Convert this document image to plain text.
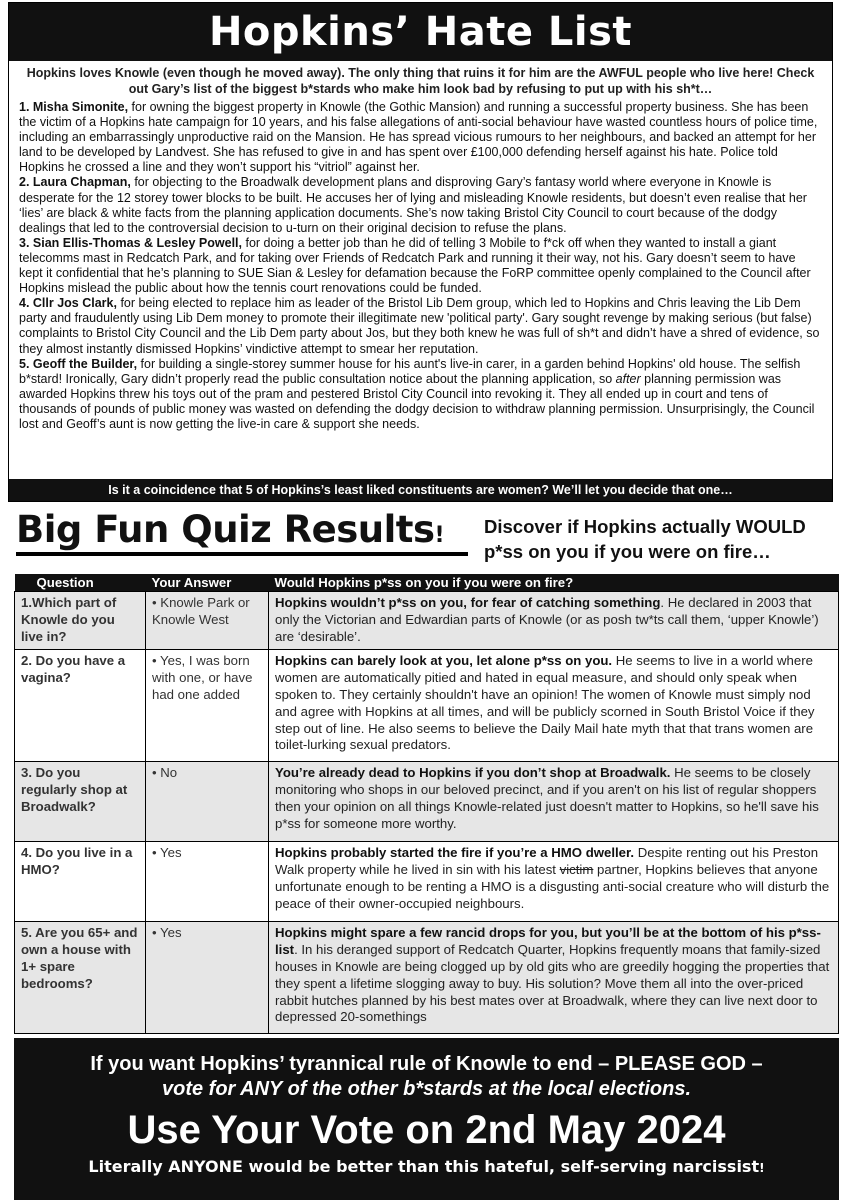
Hopkins’ Hate List
Hopkins loves Knowle (even though he moved away). The only thing that ruins it for him are the AWFUL people who live here! Check out Gary’s list of the biggest b*stards who make him look bad by refusing to put up with his sh*t…

1. Misha Simonite, for owning the biggest property in Knowle (the Gothic Mansion) and running a successful property business. She has been the victim of a Hopkins hate campaign for 10 years, and his false allegations of anti-social behaviour have wasted countless hours of police time, including an embarrassingly unproductive raid on the Mansion. He has spread vicious rumours to her neighbours, and backed an attempt for her land to be developed by Landvest. She has refused to give in and has spent over £100,000 defending herself against his hate. Police told Hopkins he crossed a line and they won’t support his “vitriol” against her.

2. Laura Chapman, for objecting to the Broadwalk development plans and disproving Gary’s fantasy world where everyone in Knowle is desperate for the 12 storey tower blocks to be built. He accuses her of lying and misleading Knowle residents, but doesn’t even realise that her ‘lies’ are black & white facts from the planning application documents. She’s now taking Bristol City Council to court because of the dodgy dealings that led to the controversial decision to u-turn on their original decision to refuse the plans.

3. Sian Ellis-Thomas & Lesley Powell, for doing a better job than he did of telling 3 Mobile to f*ck off when they wanted to install a giant telecomms mast in Redcatch Park, and for taking over Friends of Redcatch Park and running it their way, not his. Gary doesn’t seem to have kept it confidential that he’s planning to SUE Sian & Lesley for defamation because the FoRP committee openly complained to the Council after Hopkins mislead the public about how the tennis court renovations could be funded.

4. Cllr Jos Clark, for being elected to replace him as leader of the Bristol Lib Dem group, which led to Hopkins and Chris leaving the Lib Dem party and fraudulently using Lib Dem money to promote their illegitimate new 'political party'. Gary sought revenge by making serious (but false) complaints to Bristol City Council and the Lib Dem party about Jos, but they both knew he was full of sh*t and didn’t have a shred of evidence, so they almost instantly dismissed Hopkins’ vindictive attempt to smear her reputation.

5. Geoff the Builder, for building a single-storey summer house for his aunt's live-in carer, in a garden behind Hopkins' old house. The selfish b*stard! Ironically, Gary didn’t properly read the public consultation notice about the planning application, so after planning permission was awarded Hopkins threw his toys out of the pram and pestered Bristol City Council into revoking it. They all ended up in court and tens of thousands of pounds of public money was wasted on defending the dodgy decision to withdraw planning permission. Unsurprisingly, the Council lost and Geoff’s aunt is now getting the live-in care & support she needs.

Is it a coincidence that 5 of Hopkins’s least liked constituents are women? We’ll let you decide that one…
Big Fun Quiz Results! Discover if Hopkins actually WOULD p*ss on you if you were on fire…
Question	Your Answer	Would Hopkins p*ss on you if you were on fire?
1.Which part of Knowle do you live in?	• Knowle Park or Knowle West	Hopkins wouldn’t p*ss on you, for fear of catching something. He declared in 2003 that only the Victorian and Edwardian parts of Knowle (or as posh tw*ts call them, ‘upper Knowle’) are ‘desirable’.
2. Do you have a vagina?	• Yes, I was born with one, or have had one added	Hopkins can barely look at you, let alone p*ss on you. He seems to live in a world where women are automatically pitied and hated in equal measure, and should only speak when spoken to. They certainly shouldn't have an opinion! The women of Knowle must simply nod and agree with Hopkins at all times, and will be publicly scorned in South Bristol Voice if they step out of line. He also seems to believe the Daily Mail hate myth that that trans women are toilet-lurking sexual predators.
3. Do you regularly shop at Broadwalk?	• No	You’re already dead to Hopkins if you don’t shop at Broadwalk. He seems to be closely monitoring who shops in our beloved precinct, and if you aren't on his list of regular shoppers then your opinion on all things Knowle-related just doesn't matter to Hopkins, so he'll save his p*ss for someone more worthy.
4. Do you live in a HMO?	• Yes	Hopkins probably started the fire if you’re a HMO dweller. Despite renting out his Preston Walk property while he lived in sin with his latest victim partner, Hopkins believes that anyone unfortunate enough to be renting a HMO is a disgusting anti-social creature who will disturb the peace of their owner-occupied neighbours.
5. Are you 65+ and own a house with 1+ spare bedrooms?	• Yes	Hopkins might spare a few rancid drops for you, but you’ll be at the bottom of his p*ss-list. In his deranged support of Redcatch Quarter, Hopkins frequently moans that family-sized houses in Knowle are being clogged up by old gits who are greedily hogging the properties that they spent a lifetime slogging away to buy. His solution? Move them all into the over-priced rabbit hutches planned by his best mates over at Broadwalk, where they can live next door to depressed 20-somethings
If you want Hopkins’ tyrannical rule of Knowle to end – PLEASE GOD –
vote for ANY of the other b*stards at the local elections.
Use Your Vote on 2nd May 2024
Literally ANYONE would be better than this hateful, self-serving narcissist!
